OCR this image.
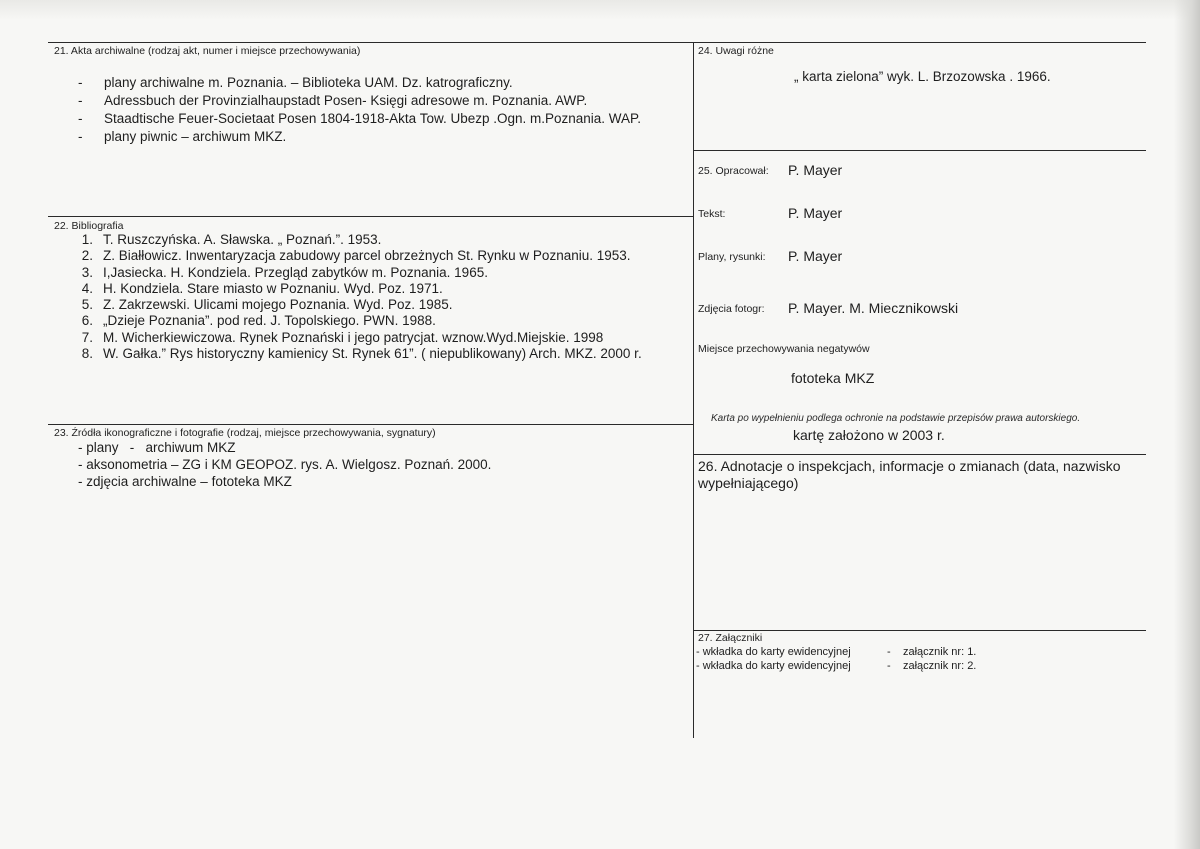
21. Akta archiwalne (rodzaj akt, numer i miejsce przechowywania)
-	plany archiwalne m. Poznania. – Biblioteka UAM. Dz. katrograficzny.
-	Adressbuch der Provinzialhaupstadt Posen- Księgi adresowe m. Poznania. AWP.
-	Staadtische Feuer-Societaat Posen 1804-1918-Akta Tow. Ubezp .Ogn. m.Poznania. WAP.
-	plany piwnic – archiwum MKZ.
22. Bibliografia
1. T. Ruszczyńska. A. Sławska. „ Poznań.”. 1953.
2. Z. Białłowicz. Inwentaryzacja zabudowy parcel obrzeżnych St. Rynku w Poznaniu. 1953.
3. I,Jasiecka. H. Kondziela. Przegląd zabytków m. Poznania. 1965.
4. H. Kondziela. Stare miasto w Poznaniu. Wyd. Poz. 1971.
5. Z. Zakrzewski. Ulicami mojego Poznania. Wyd. Poz. 1985.
6. „Dzieje Poznania”. pod red. J. Topolskiego. PWN. 1988.
7. M. Wicherkiewiczowa. Rynek Poznański i jego patrycjat. wznow.Wyd.Miejskie. 1998
8. W. Gałka.” Rys historyczny kamienicy St. Rynek 61”. ( niepublikowany) Arch. MKZ. 2000 r.
23. Źródła ikonograficzne i fotografie (rodzaj, miejsce przechowywania, sygnatury)
- plany   -   archiwum MKZ
- aksonometria – ZG i KM GEOPOZ. rys. A. Wielgosz. Poznań. 2000.
- zdjęcia archiwalne – fototeka MKZ
24. Uwagi różne
„ karta zielona” wyk. L. Brzozowska . 1966.
25. Opracował: P. Mayer
Tekst:	P. Mayer
Plany, rysunki: P. Mayer
Zdjęcia fotogr: P. Mayer. M. Miecznikowski
Miejsce przechowywania negatywów
fototeka MKZ
Karta po wypełnieniu podlega ochronie na podstawie przepisów prawa autorskiego.
kartę założono w 2003 r.
26. Adnotacje o inspekcjach, informacje o zmianach (data, nazwisko wypełniającego)
27. Załączniki
- wkładka do karty ewidencyjnej	- załącznik nr: 1.
- wkładka do karty ewidencyjnej	- załącznik nr: 2.
